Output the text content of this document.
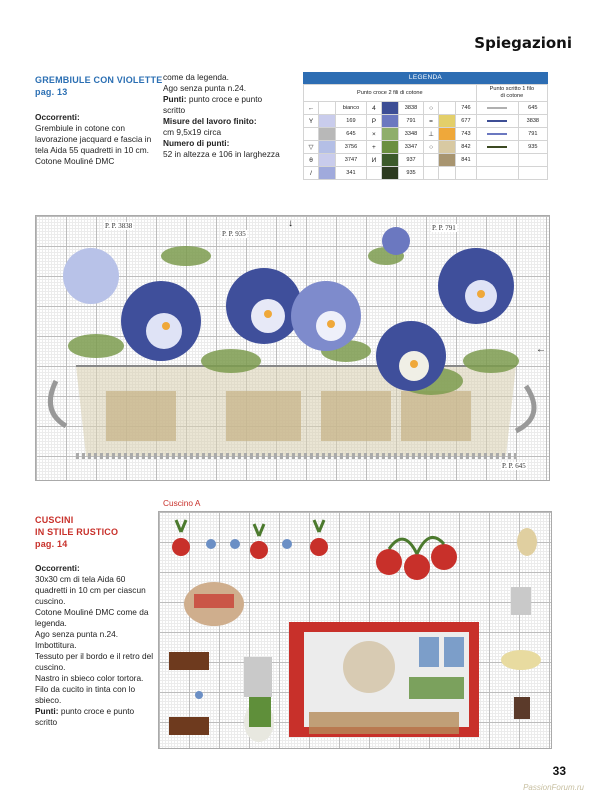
Spiegazioni
GREMBIULE CON VIOLETTE
pag. 13
Occorrenti:
Grembiule in cotone con
lavorazione jacquard e fascia in
tela Aida 55 quadretti in 10 cm.
Cotone Mouliné DMC
come da legenda.
Ago senza punta n.24.
Punti: punto croce e punto
scritto
Misure del lavoro finito:
cm 9,5x19 circa
Numero di punti:
52 in altezza e 106 in larghezza
LEGENDA
Punto croce 2 fili di cotone									Punto scritto 1 filo
di cotone	
←		bianco	4		3838	○		746		645
Y		169	P		791	=		677		3838
		645	×		3348	⊥		743		791
▽		3756	+		3347	○		842		935
θ		3747	И		937			841		
/		341			935					
P. P. 3838
P. P. 935
P. P. 791
P. P. 645
↓
←
CUSCINI
IN STILE RUSTICO
pag. 14
Occorrenti:
30x30 cm di tela Aida 60
quadretti in 10 cm per ciascun
cuscino.
Cotone Mouliné DMC come da
legenda.
Ago senza punta n.24.
Imbottitura.
Tessuto per il bordo e il retro del
cuscino.
Nastro in sbieco color tortora.
Filo da cucito in tinta con lo
sbieco.
Punti: punto croce e punto
scritto
Cuscino A
33
PassionForum.ru
